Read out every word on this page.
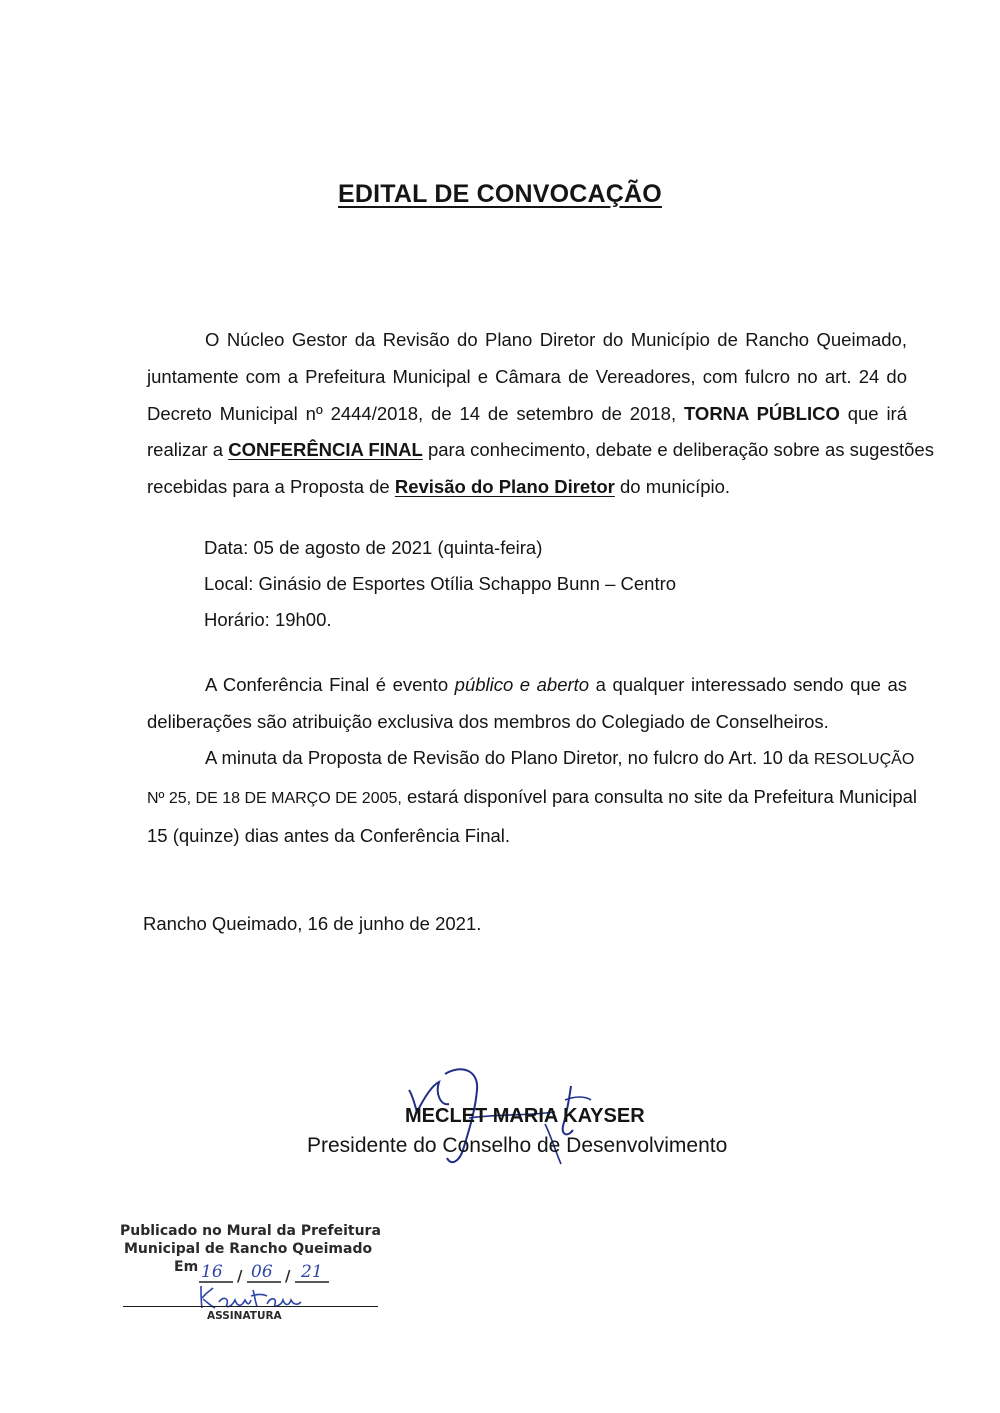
EDITAL DE CONVOCAÇÃO
O Núcleo Gestor da Revisão do Plano Diretor do Município de Rancho Queimado,
juntamente com a Prefeitura Municipal e Câmara de Vereadores, com fulcro no art. 24 do
Decreto Municipal nº 2444/2018, de 14 de setembro de 2018, TORNA PÚBLICO que irá
realizar a CONFERÊNCIA FINAL para conhecimento, debate e deliberação sobre as sugestões
recebidas para a Proposta de Revisão do Plano Diretor do município.
Data: 05 de agosto de 2021 (quinta-feira)
Local: Ginásio de Esportes Otília Schappo Bunn – Centro
Horário: 19h00.
A Conferência Final é evento público e aberto a qualquer interessado sendo que as
deliberações são atribuição exclusiva dos membros do Colegiado de Conselheiros.
A minuta da Proposta de Revisão do Plano Diretor, no fulcro do Art. 10 da RESOLUÇÃO
Nº 25, DE 18 DE MARÇO DE 2005, estará disponível para consulta no site da Prefeitura Municipal
15 (quinze) dias antes da Conferência Final.
Rancho Queimado, 16 de junho de 2021.
MECLET MARIA KAYSER
Presidente do Conselho de Desenvolvimento
Publicado no Mural da Prefeitura
Municipal de Rancho Queimado
Em 16 / 06 / 21
ASSINATURA
